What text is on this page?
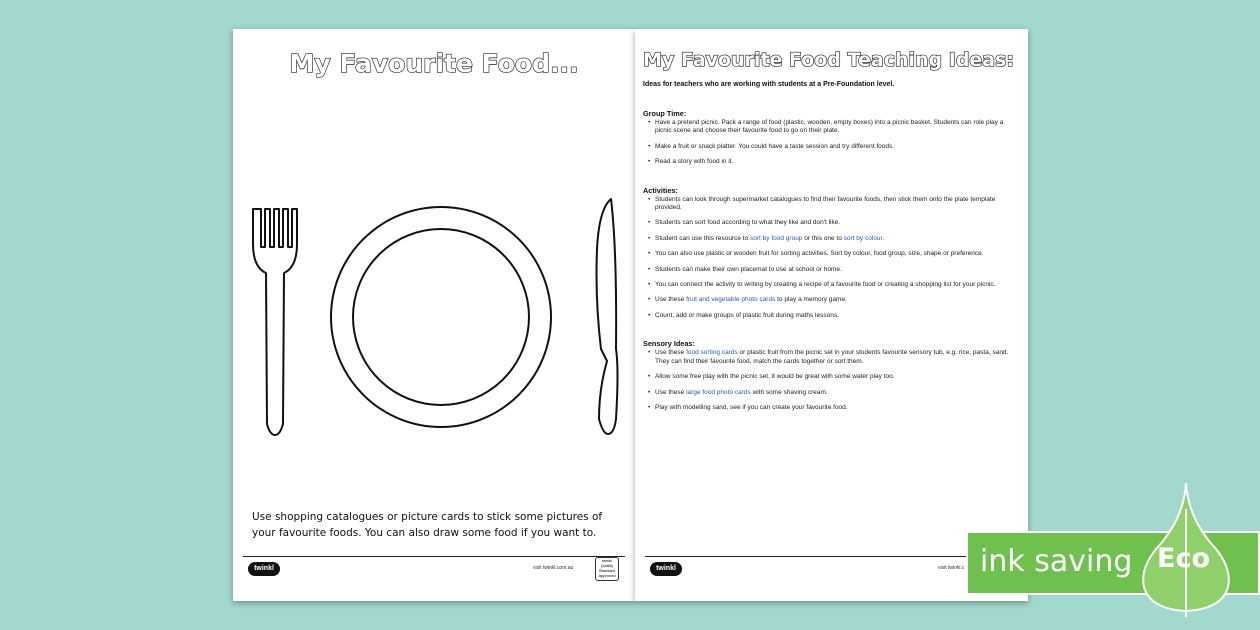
My Favourite Food...
Use shopping catalogues or picture cards to stick some pictures of your favourite foods. You can also draw some food if you want to.
twinkl	visit twinkl.com.au
twinkl Quality Standard Approved
My Favourite Food Teaching Ideas:
Ideas for teachers who are working with students at a Pre-Foundation level.
Group Time:
• Have a pretend picnic. Pack a range of food (plastic, wooden, empty boxes) into a picnic basket. Students can role play a picnic scene and choose their favourite food to go on their plate.
• Make a fruit or snack platter. You could have a taste session and try different foods.
• Read a story with food in it.
Activities:
• Students can look through supermarket catalogues to find their favourite foods, then stick them onto the plate template provided.
• Students can sort food according to what they like and don't like.
• Student can use this resource to sort by food group or this one to sort by colour.
• You can also use plastic or wooden fruit for sorting activities. Sort by colour, food group, size, shape or preference.
• Students can make their own placemat to use at school or home.
• You can connect the activity to writing by creating a recipe of a favourite food or creating a shopping list for your picnic.
• Use these fruit and vegetable photo cards to play a memory game.
• Count, add or make groups of plastic fruit during maths lessons.
Sensory Ideas:
• Use these food sorting cards or plastic fruit from the picnic set in your students favourite sensory tub, e.g. rice, pasta, sand. They can find their favourite food, match the cards together or sort them.
• Allow some free play with the picnic set, it would be great with some water play too.
• Use these large food photo cards with some shaving cream.
• Play with modelling sand, see if you can create your favourite food.
twinkl	visit twinkl.c ink saving Eco
